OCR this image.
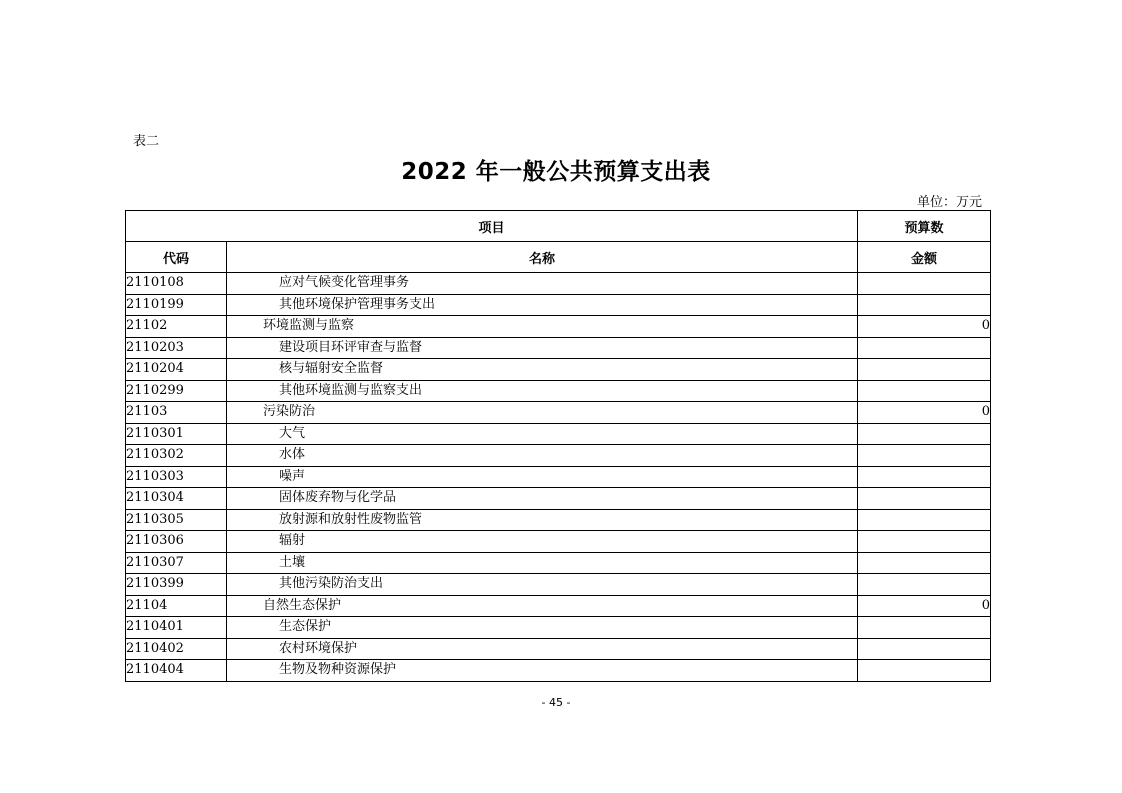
表二
2022 年一般公共预算支出表
单位：万元
项目		预算数
代码	名称	金额
2110108	应对气候变化管理事务	
2110199	其他环境保护管理事务支出	
21102	环境监测与监察	0
2110203	建设项目环评审查与监督	
2110204	核与辐射安全监督	
2110299	其他环境监测与监察支出	
21103	污染防治	0
2110301	大气	
2110302	水体	
2110303	噪声	
2110304	固体废弃物与化学品	
2110305	放射源和放射性废物监管	
2110306	辐射	
2110307	土壤	
2110399	其他污染防治支出	
21104	自然生态保护	0
2110401	生态保护	
2110402	农村环境保护	
2110404	生物及物种资源保护	
- 45 -
